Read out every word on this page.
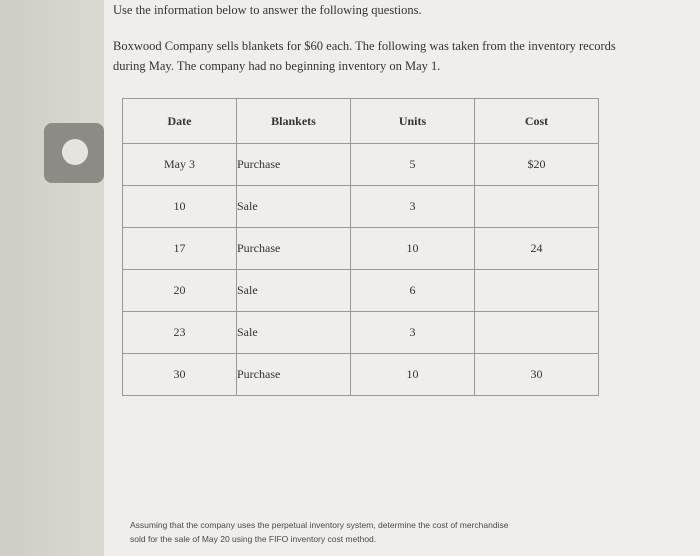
Use the information below to answer the following questions.
Boxwood Company sells blankets for $60 each. The following was taken from the inventory records
during May. The company had no beginning inventory on May 1.
Date	Blankets	Units	Cost
May 3	Purchase	5	$20
10	Sale	3	
17	Purchase	10	24
20	Sale	6	
23	Sale	3	
30	Purchase	10	30
Assuming that the company uses the perpetual inventory system, determine the cost of merchandise
sold for the sale of May 20 using the FIFO inventory cost method.
